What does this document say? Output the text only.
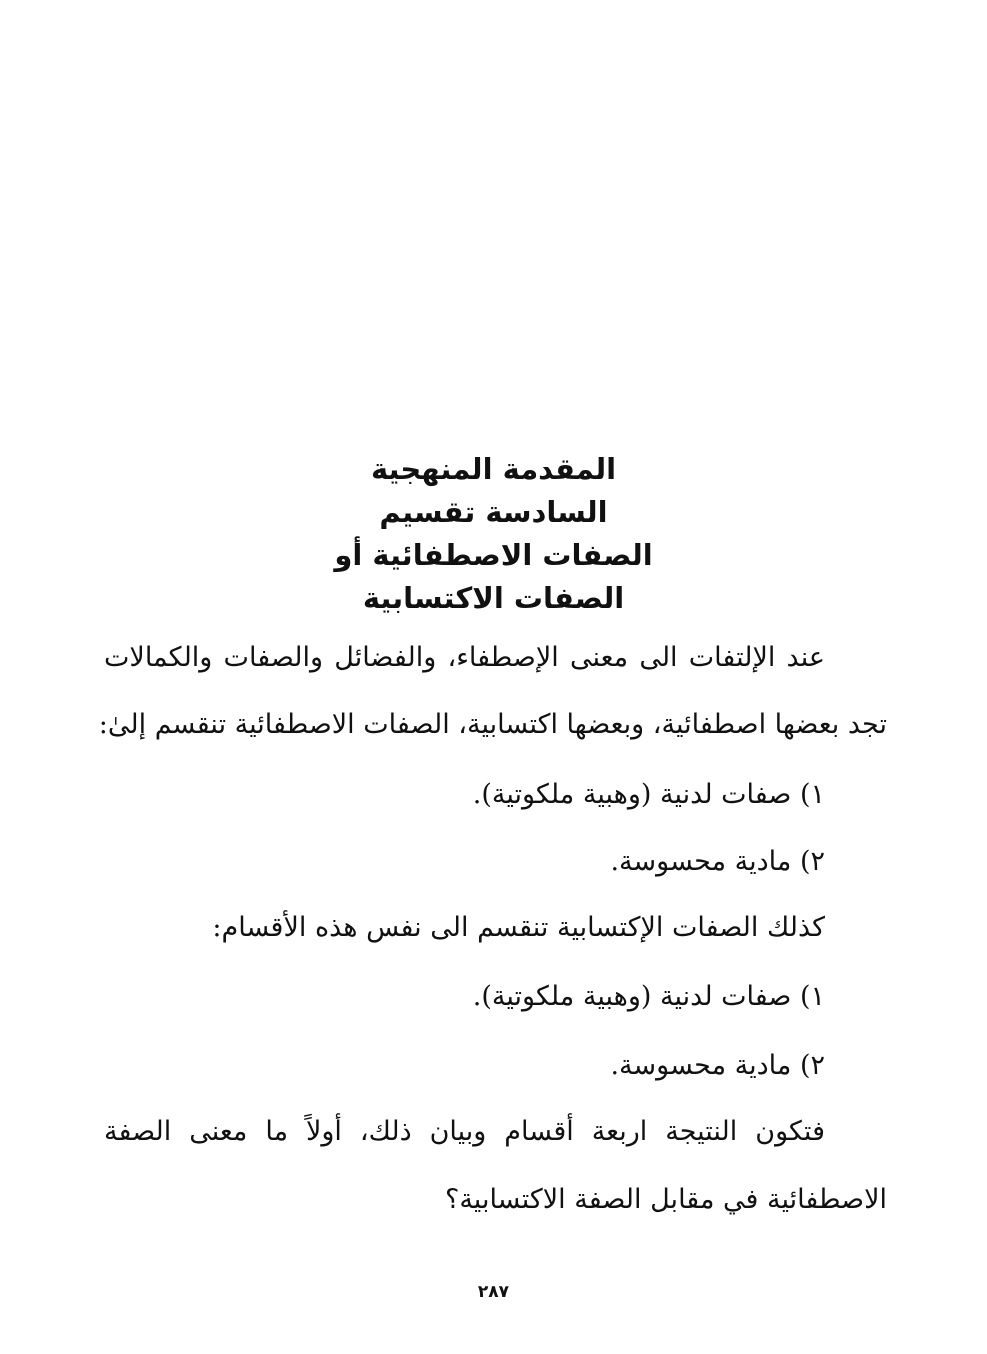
المقدمة المنهجية
السادسة تقسيم
الصفات الاصطفائية أو
الصفات الاكتسابية
عند الإلتفات الى معنى الإصطفاء، والفضائل والصفات والكمالات
تجد بعضها اصطفائية، وبعضها اكتسابية، الصفات الاصطفائية تنقسم إلىٰ:
١) صفات لدنية (وهبية ملكوتية).
٢) مادية محسوسة.
كذلك الصفات الإكتسابية تنقسم الى نفس هذه الأقسام:
١) صفات لدنية (وهبية ملكوتية).
٢) مادية محسوسة.
فتكون النتيجة اربعة أقسام وبيان ذلك، أولاً ما معنى الصفة
الاصطفائية في مقابل الصفة الاكتسابية؟
٢٨٧
